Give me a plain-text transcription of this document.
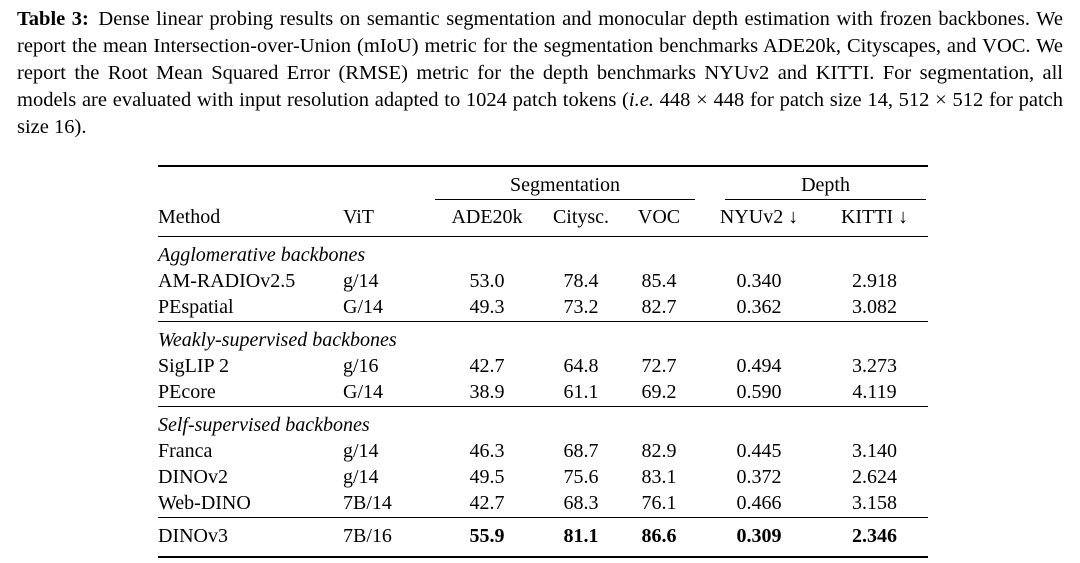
Table 3: Dense linear probing results on semantic segmentation and monocular depth estimation with frozen backbones. We report the mean Intersection-over-Union (mIoU) metric for the segmentation benchmarks ADE20k, Cityscapes, and VOC. We report the Root Mean Squared Error (RMSE) metric for the depth benchmarks NYUv2 and KITTI. For segmentation, all models are evaluated with input resolution adapted to 1024 patch tokens (i.e. 448 × 448 for patch size 14, 512 × 512 for patch size 16).

		Segmentation			Depth	

Method	ViT	ADE20k	Citysc.	VOC	NYUv2 ↓	KITTI ↓
Agglomerative backbones						
AM-RADIOv2.5	g/14	53.0	78.4	85.4	0.340	2.918
PEspatial	G/14	49.3	73.2	82.7	0.362	3.082
Weakly-supervised backbones						
SigLIP 2	g/16	42.7	64.8	72.7	0.494	3.273
PEcore	G/14	38.9	61.1	69.2	0.590	4.119
Self-supervised backbones						
Franca	g/14	46.3	68.7	82.9	0.445	3.140
DINOv2	g/14	49.5	75.6	83.1	0.372	2.624
Web-DINO	7B/14	42.7	68.3	76.1	0.466	3.158
DINOv3	7B/16	55.9	81.1	86.6	0.309	2.346
